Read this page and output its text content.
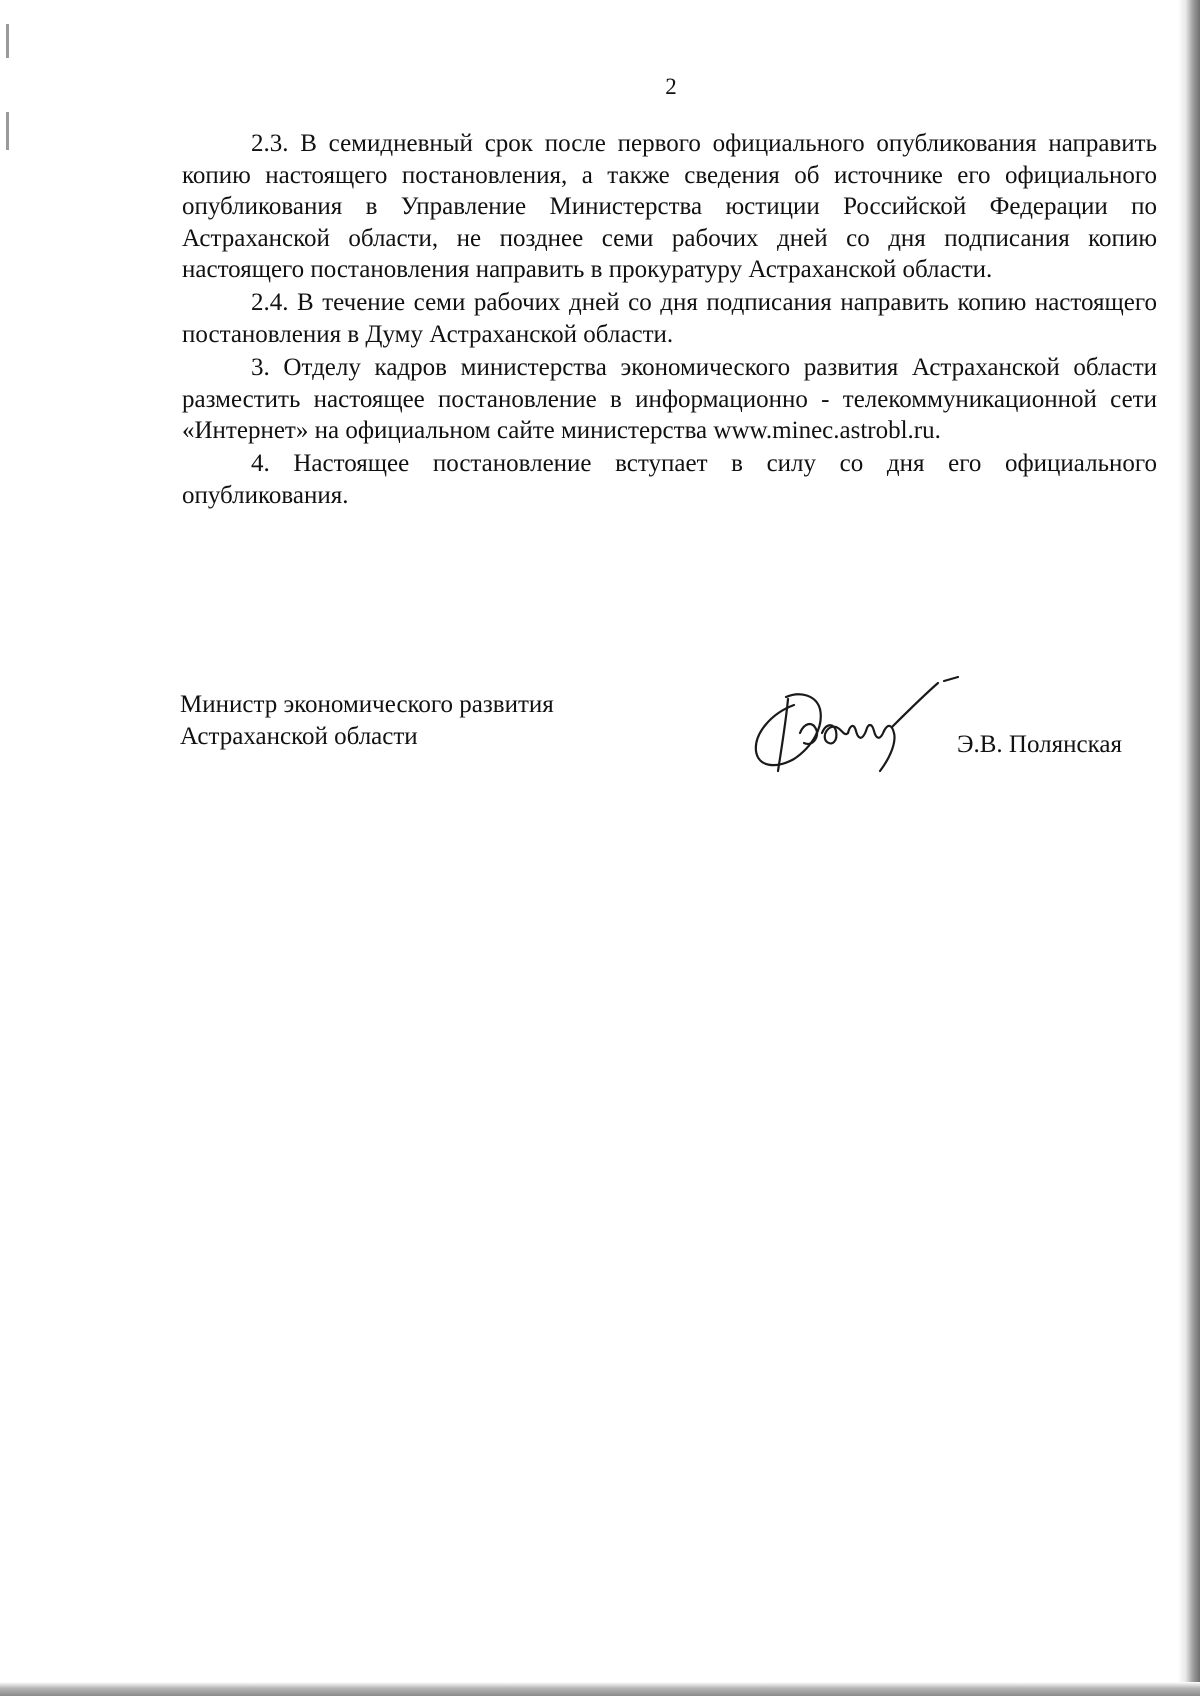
2

2.3. В семидневный срок после первого официального опубликования направить копию настоящего постановления, а также сведения об источнике его официального опубликования в Управление Министерства юстиции Российской Федерации по Астраханской области, не позднее семи рабочих дней со дня подписания копию настоящего постановления направить в прокуратуру Астраханской области.

2.4. В течение семи рабочих дней со дня подписания направить копию настоящего постановления в Думу Астраханской области.

3. Отделу кадров министерства экономического развития Астраханской области разместить настоящее постановление в информационно - телекоммуникационной сети «Интернет» на официальном сайте министерства www.minec.astrobl.ru.

4. Настоящее постановление вступает в силу со дня его официального опубликования.

Министр экономического развития
Астраханской области	Э.В. Полянская
